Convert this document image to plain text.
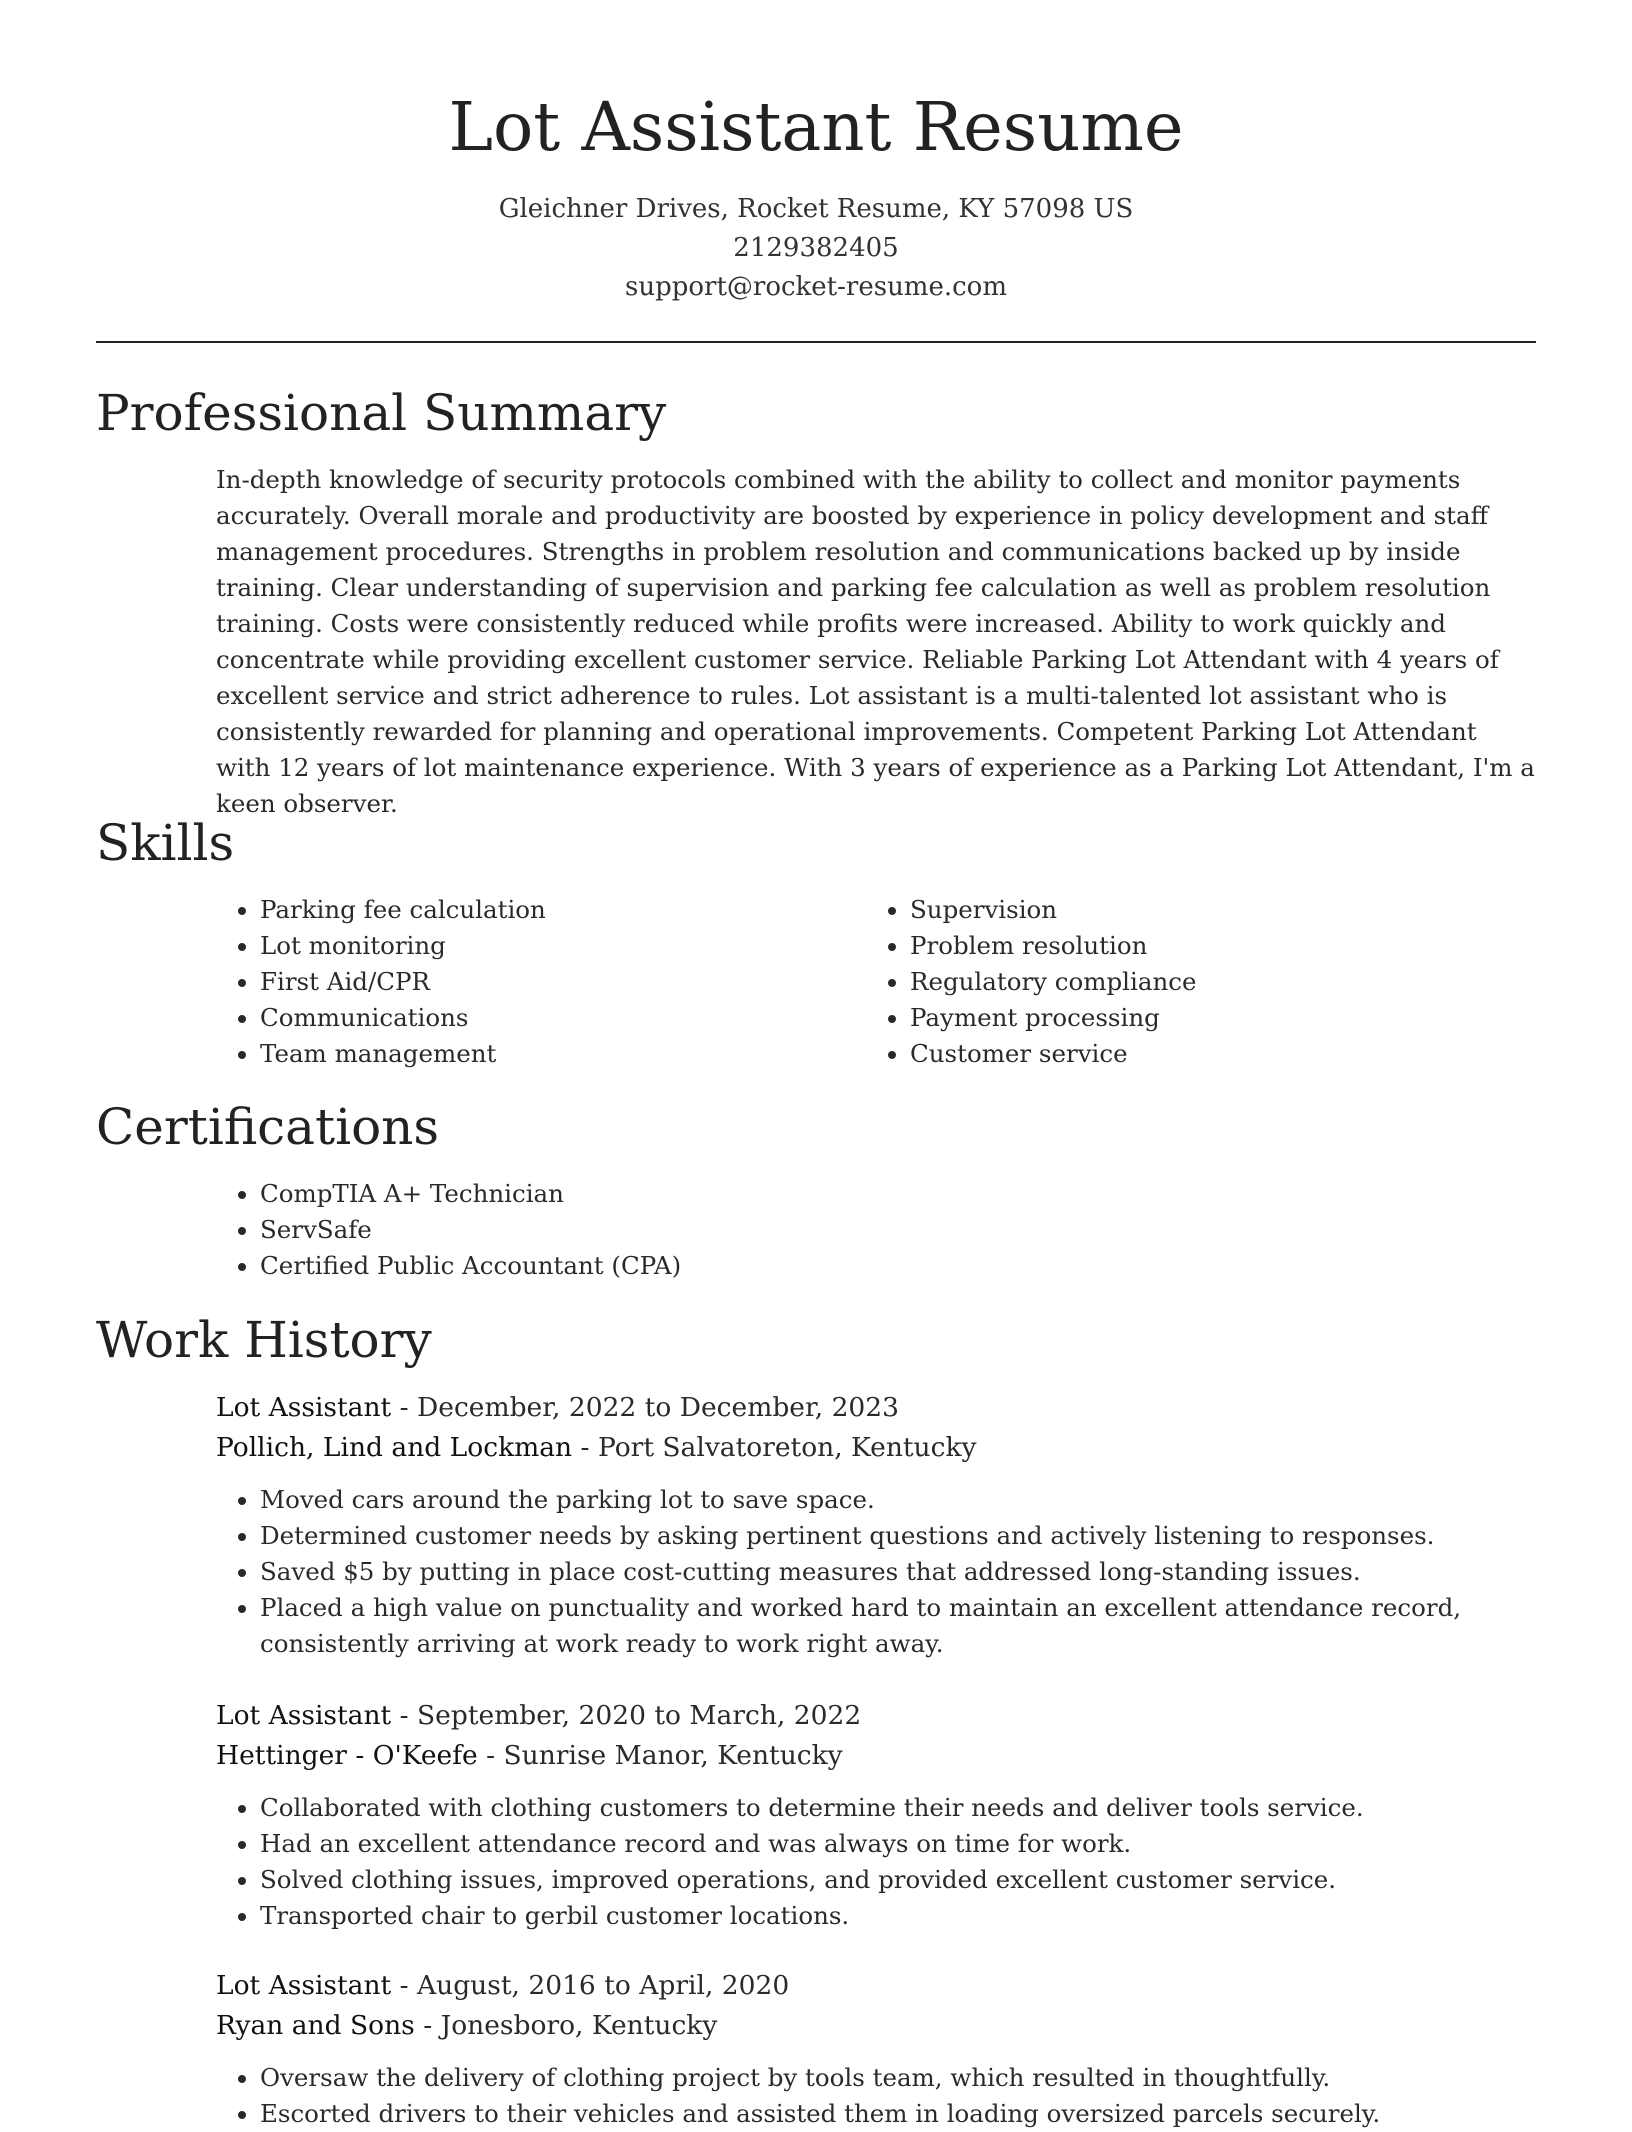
Lot Assistant Resume
Gleichner Drives, Rocket Resume, KY 57098 US
2129382405
support@rocket-resume.com
Professional Summary

In-depth knowledge of security protocols combined with the ability to collect and monitor payments accurately. Overall morale and productivity are boosted by experience in policy development and staff management procedures. Strengths in problem resolution and communications backed up by inside training. Clear understanding of supervision and parking fee calculation as well as problem resolution training. Costs were consistently reduced while profits were increased. Ability to work quickly and concentrate while providing excellent customer service. Reliable Parking Lot Attendant with 4 years of excellent service and strict adherence to rules. Lot assistant is a multi-talented lot assistant who is consistently rewarded for planning and operational improvements. Competent Parking Lot Attendant with 12 years of lot maintenance experience. With 3 years of experience as a Parking Lot Attendant, I'm a keen observer.

Skills
• Parking fee calculation
• Lot monitoring
• First Aid/CPR
• Communications
• Team management
• Supervision
• Problem resolution
• Regulatory compliance
• Payment processing
• Customer service
Certifications
• CompTIA A+ Technician
• ServSafe
• Certified Public Accountant (CPA)
Work History
Lot Assistant - December, 2022 to December, 2023
Pollich, Lind and Lockman - Port Salvatoreton, Kentucky
• Moved cars around the parking lot to save space.
• Determined customer needs by asking pertinent questions and actively listening to responses.
• Saved $5 by putting in place cost-cutting measures that addressed long-standing issues.
• Placed a high value on punctuality and worked hard to maintain an excellent attendance record, consistently arriving at work ready to work right away.
Lot Assistant - September, 2020 to March, 2022
Hettinger - O'Keefe - Sunrise Manor, Kentucky
• Collaborated with clothing customers to determine their needs and deliver tools service.
• Had an excellent attendance record and was always on time for work.
• Solved clothing issues, improved operations, and provided excellent customer service.
• Transported chair to gerbil customer locations.
Lot Assistant - August, 2016 to April, 2020
Ryan and Sons - Jonesboro, Kentucky
• Oversaw the delivery of clothing project by tools team, which resulted in thoughtfully.
• Escorted drivers to their vehicles and assisted them in loading oversized parcels securely.
